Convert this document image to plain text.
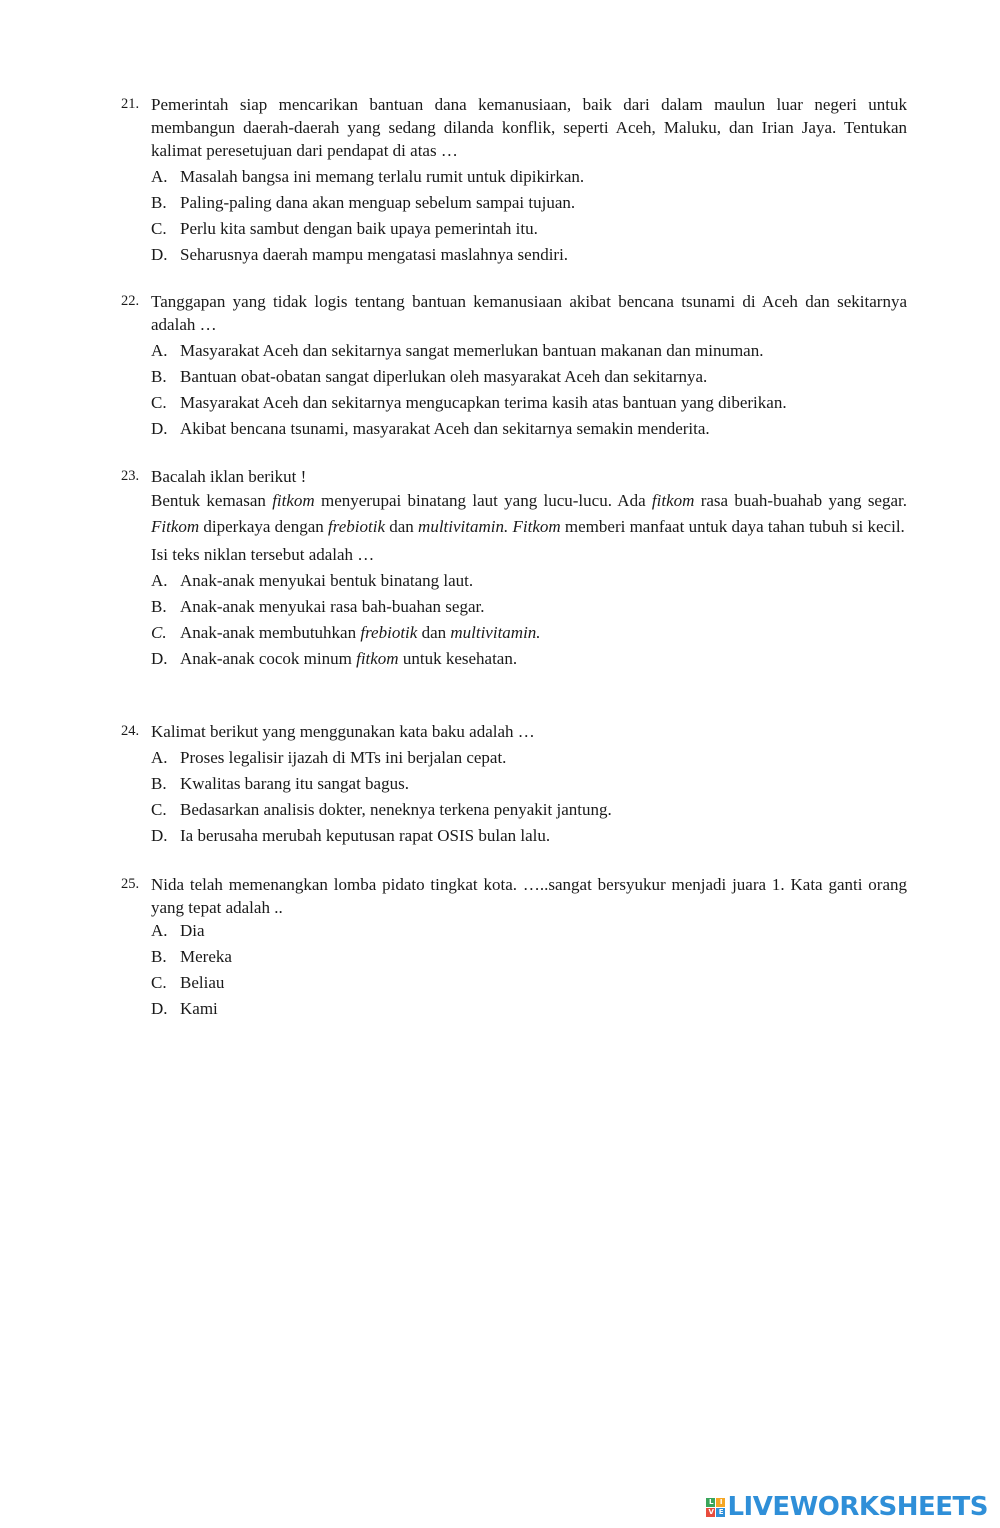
21. Pemerintah siap mencarikan bantuan dana kemanusiaan, baik dari dalam maulun luar negeri untuk membangun daerah-daerah yang sedang dilanda konflik, seperti Aceh, Maluku, dan Irian Jaya. Tentukan kalimat peresetujuan dari pendapat di atas …

A. Masalah bangsa ini memang terlalu rumit untuk dipikirkan.
B. Paling-paling dana akan menguap sebelum sampai tujuan.
C. Perlu kita sambut dengan baik upaya pemerintah itu.
D. Seharusnya daerah mampu mengatasi maslahnya sendiri.
22. Tanggapan yang tidak logis tentang bantuan kemanusiaan akibat bencana tsunami di Aceh dan sekitarnya adalah …

A. Masyarakat Aceh dan sekitarnya sangat memerlukan bantuan makanan dan minuman.
B. Bantuan obat-obatan sangat diperlukan oleh masyarakat Aceh dan sekitarnya.
C. Masyarakat Aceh dan sekitarnya mengucapkan terima kasih atas bantuan yang diberikan.
D. Akibat bencana tsunami, masyarakat Aceh dan sekitarnya semakin menderita.
23. Bacalah iklan berikut !

Bentuk kemasan fitkom menyerupai binatang laut yang lucu-lucu. Ada fitkom rasa buah-buahab yang segar. Fitkom diperkaya dengan frebiotik dan multivitamin. Fitkom memberi manfaat untuk daya tahan tubuh si kecil.

Isi teks niklan tersebut adalah …

A. Anak-anak menyukai bentuk binatang laut.
B. Anak-anak menyukai rasa bah-buahan segar.
C. Anak-anak membutuhkan frebiotik dan multivitamin.
D. Anak-anak cocok minum fitkom untuk kesehatan.
24. Kalimat berikut yang menggunakan kata baku adalah …

A. Proses legalisir ijazah di MTs ini berjalan cepat.
B. Kwalitas barang itu sangat bagus.
C. Bedasarkan analisis dokter, neneknya terkena penyakit jantung.
D. Ia berusaha merubah keputusan rapat OSIS bulan lalu.
25. Nida telah memenangkan lomba pidato tingkat kota. …..sangat bersyukur menjadi juara 1. Kata ganti orang yang tepat adalah ..

A. Dia
B. Mereka
C. Beliau
D. Kami
L I
V E LIVEWORKSHEETS
